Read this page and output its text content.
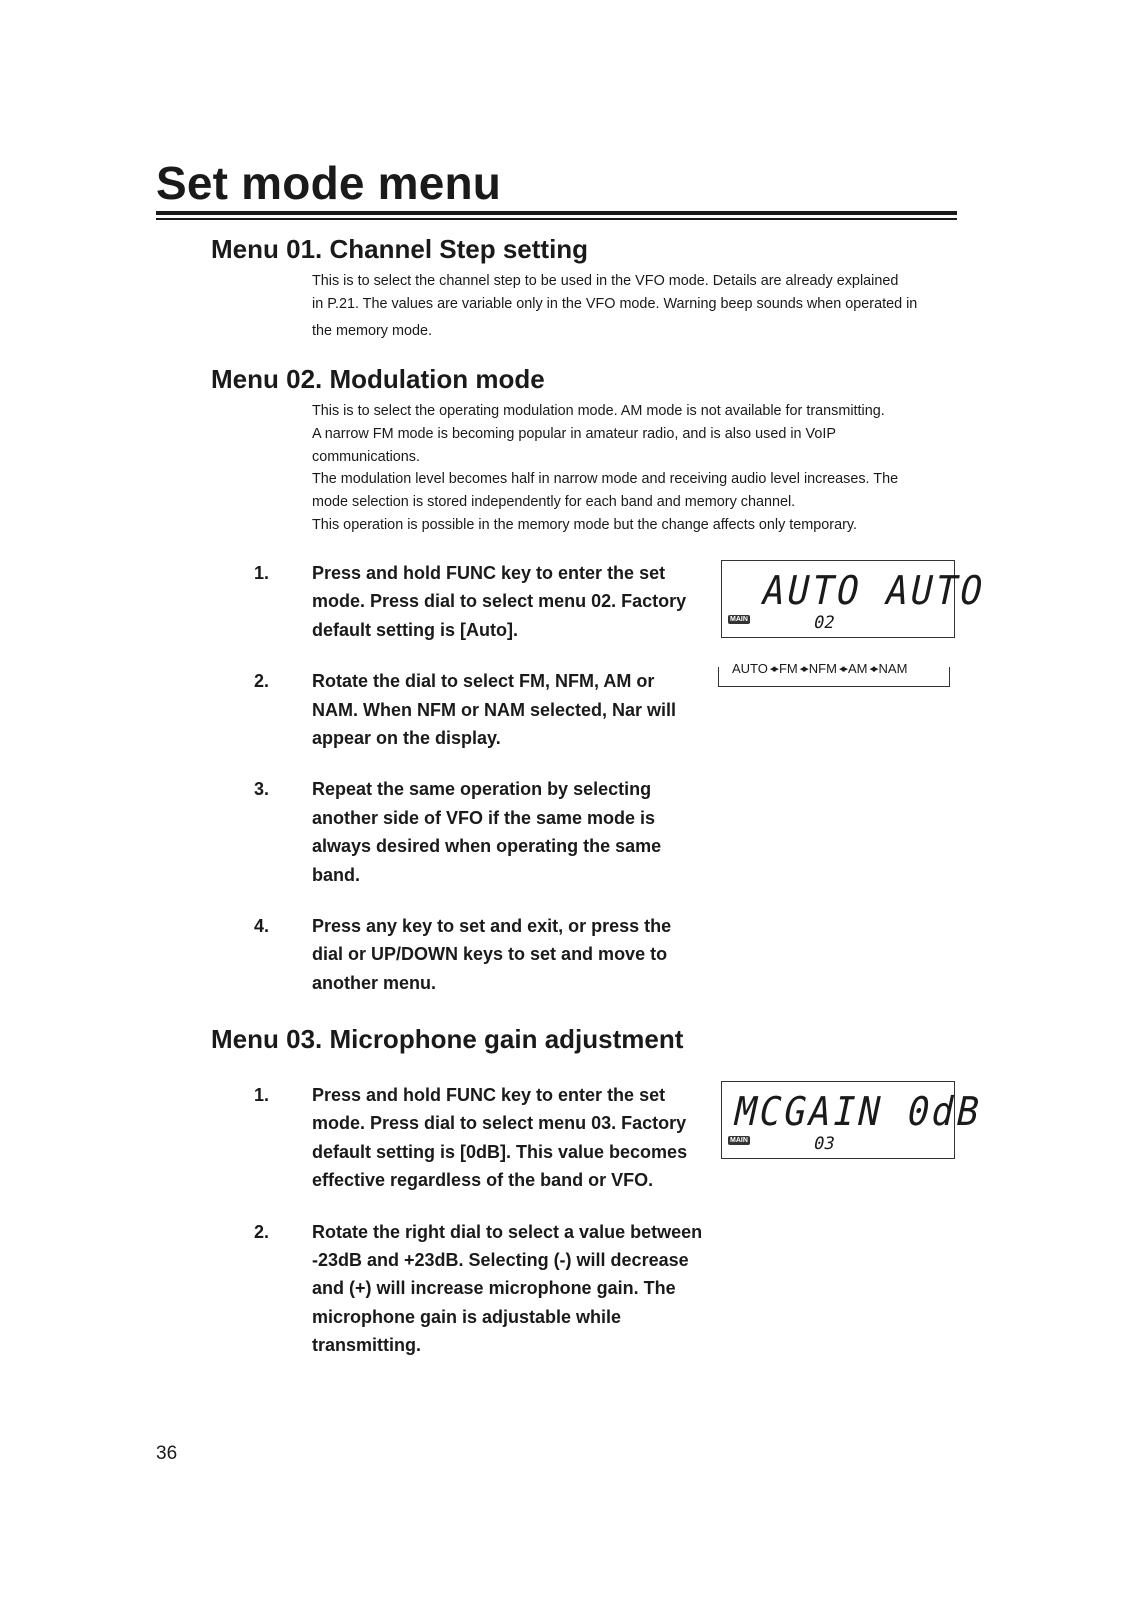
Set mode menu
Menu 01. Channel Step setting

This is to select the channel step to be used in the VFO mode. Details are already explained

in P.21. The values are variable only in the VFO mode. Warning beep sounds when operated in

the memory mode.

Menu 02. Modulation mode

This is to select the operating modulation mode. AM mode is not available for transmitting.

A narrow FM mode is becoming popular in amateur radio, and is also used in VoIP

communications.

The modulation level becomes half in narrow mode and receiving audio level increases. The

mode selection is stored independently for each band and memory channel.

This operation is possible in the memory mode but the change affects only temporary.

1.	Press and hold FUNC key to enter the set mode. Press dial to select menu 02. Factory default setting is [Auto].
2.	Rotate the dial to select FM, NFM, AM or NAM. When NFM or NAM selected, Nar will appear on the display.
3.	Repeat the same operation by selecting another side of VFO if the same mode is always desired when operating the same band.
4.	Press any key to set and exit, or press the dial or UP/DOWN keys to set and move to another menu.
MAIN
AUTO AUTO
02
AUTO ◂▸ FM ◂▸ NFM ◂▸ AM ◂▸ NAM
Menu 03. Microphone gain adjustment
1.	Press and hold FUNC key to enter the set mode. Press dial to select menu 03. Factory default setting is [0dB]. This value becomes effective regardless of the band or VFO.
2.	Rotate the right dial to select a value between -23dB and +23dB. Selecting (-) will decrease and (+) will increase microphone gain. The microphone gain is adjustable while transmitting.
MAIN
MCGAIN 0dB
03

36
